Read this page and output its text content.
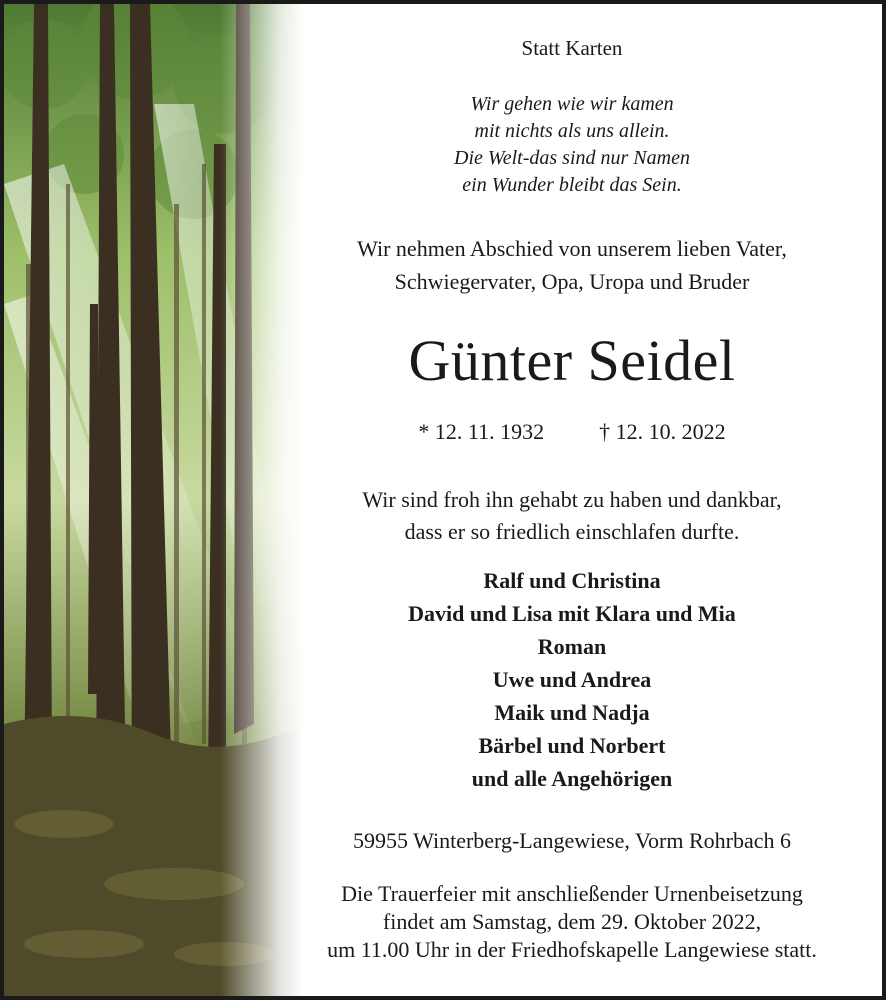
Statt Karten
Wir gehen wie wir kamen
mit nichts als uns allein.
Die Welt-das sind nur Namen
ein Wunder bleibt das Sein.
Wir nehmen Abschied von unserem lieben Vater,
Schwiegervater, Opa, Uropa und Bruder
Günter Seidel
* 12. 11. 1932	† 12. 10. 2022
Wir sind froh ihn gehabt zu haben und dankbar,
dass er so friedlich einschlafen durfte.
Ralf und Christina
David und Lisa mit Klara und Mia
Roman
Uwe und Andrea
Maik und Nadja
Bärbel und Norbert
und alle Angehörigen
59955 Winterberg-Langewiese, Vorm Rohrbach 6
Die Trauerfeier mit anschließender Urnenbeisetzung
findet am Samstag, dem 29. Oktober 2022,
um 11.00 Uhr in der Friedhofskapelle Langewiese statt.
